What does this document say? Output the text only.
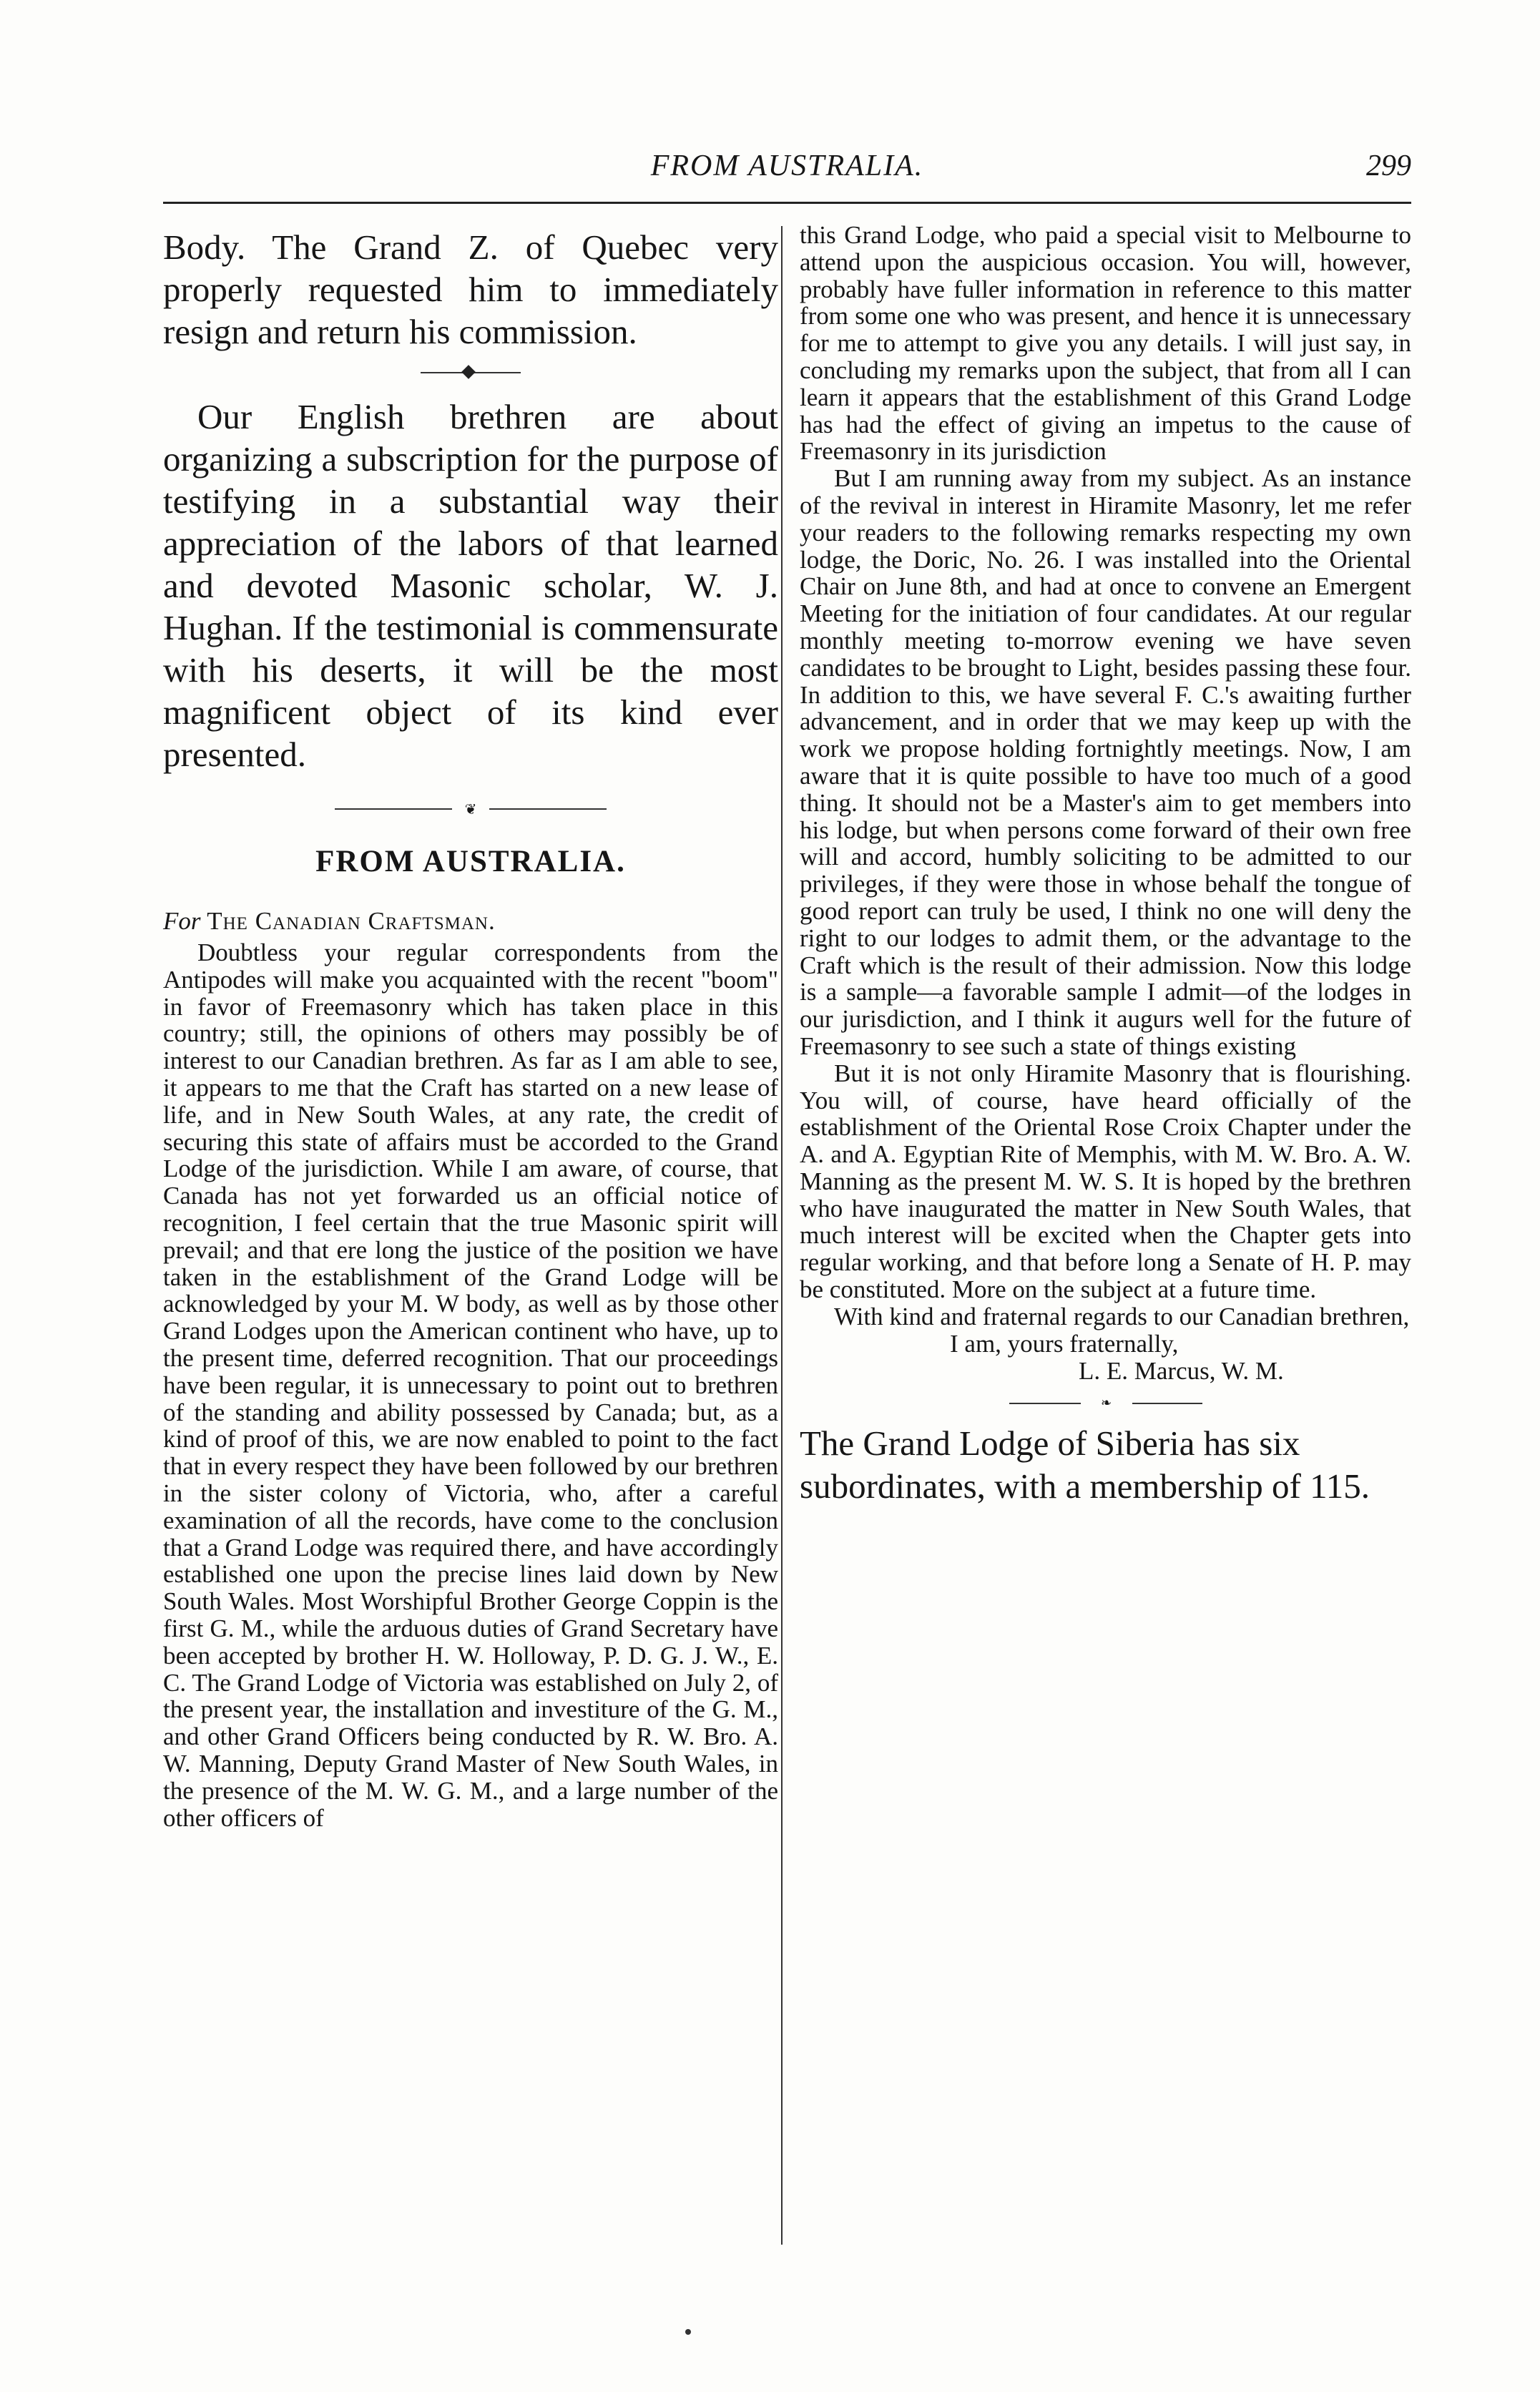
FROM AUSTRALIA.	299

Body. The Grand Z. of Quebec very properly requested him to immediately resign and return his commission.

Our English brethren are about organizing a subscription for the purpose of testifying in a substantial way their appreciation of the labors of that learned and devoted Masonic scholar, W. J. Hughan. If the testimonial is commensurate with his deserts, it will be the most magnificent object of its kind ever presented.

❦
FROM AUSTRALIA.

For The Canadian Craftsman.

Doubtless your regular correspondents from the Antipodes will make you acquainted with the recent "boom" in favor of Freemasonry which has taken place in this country; still, the opinions of others may possibly be of interest to our Canadian brethren. As far as I am able to see, it appears to me that the Craft has started on a new lease of life, and in New South Wales, at any rate, the credit of securing this state of affairs must be accorded to the Grand Lodge of the jurisdiction. While I am aware, of course, that Canada has not yet forwarded us an official notice of recognition, I feel certain that the true Masonic spirit will prevail; and that ere long the justice of the position we have taken in the establishment of the Grand Lodge will be acknowledged by your M. W body, as well as by those other Grand Lodges upon the American continent who have, up to the present time, deferred recognition. That our proceedings have been regular, it is unnecessary to point out to brethren of the standing and ability possessed by Canada; but, as a kind of proof of this, we are now enabled to point to the fact that in every respect they have been followed by our brethren in the sister colony of Victoria, who, after a careful examination of all the records, have come to the conclusion that a Grand Lodge was required there, and have accordingly established one upon the precise lines laid down by New South Wales. Most Worshipful Brother George Coppin is the first G. M., while the arduous duties of Grand Secretary have been accepted by brother H. W. Holloway, P. D. G. J. W., E. C. The Grand Lodge of Victoria was established on July 2, of the present year, the installation and investiture of the G. M., and other Grand Officers being conducted by R. W. Bro. A. W. Manning, Deputy Grand Master of New South Wales, in the presence of the M. W. G. M., and a large number of the other officers of

this Grand Lodge, who paid a special visit to Melbourne to attend upon the auspicious occasion. You will, however, probably have fuller information in reference to this matter from some one who was present, and hence it is unnecessary for me to attempt to give you any details. I will just say, in concluding my remarks upon the subject, that from all I can learn it appears that the establishment of this Grand Lodge has had the effect of giving an impetus to the cause of Freemasonry in its jurisdiction

But I am running away from my subject. As an instance of the revival in interest in Hiramite Masonry, let me refer your readers to the following remarks respecting my own lodge, the Doric, No. 26. I was installed into the Oriental Chair on June 8th, and had at once to convene an Emergent Meeting for the initiation of four candidates. At our regular monthly meeting to-morrow evening we have seven candidates to be brought to Light, besides passing these four. In addition to this, we have several F. C.'s awaiting further advancement, and in order that we may keep up with the work we propose holding fortnightly meetings. Now, I am aware that it is quite possible to have too much of a good thing. It should not be a Master's aim to get members into his lodge, but when persons come forward of their own free will and accord, humbly soliciting to be admitted to our privileges, if they were those in whose behalf the tongue of good report can truly be used, I think no one will deny the right to our lodges to admit them, or the advantage to the Craft which is the result of their admission. Now this lodge is a sample—a favorable sample I admit—of the lodges in our jurisdiction, and I think it augurs well for the future of Freemasonry to see such a state of things existing

But it is not only Hiramite Masonry that is flourishing. You will, of course, have heard officially of the establishment of the Oriental Rose Croix Chapter under the A. and A. Egyptian Rite of Memphis, with M. W. Bro. A. W. Manning as the present M. W. S. It is hoped by the brethren who have inaugurated the matter in New South Wales, that much interest will be excited when the Chapter gets into regular working, and that before long a Senate of H. P. may be constituted. More on the subject at a future time.

With kind and fraternal regards to our Canadian brethren,

I am, yours fraternally,

L. E. Marcus, W. M.

❧

The Grand Lodge of Siberia has six subordinates, with a membership of 115.
